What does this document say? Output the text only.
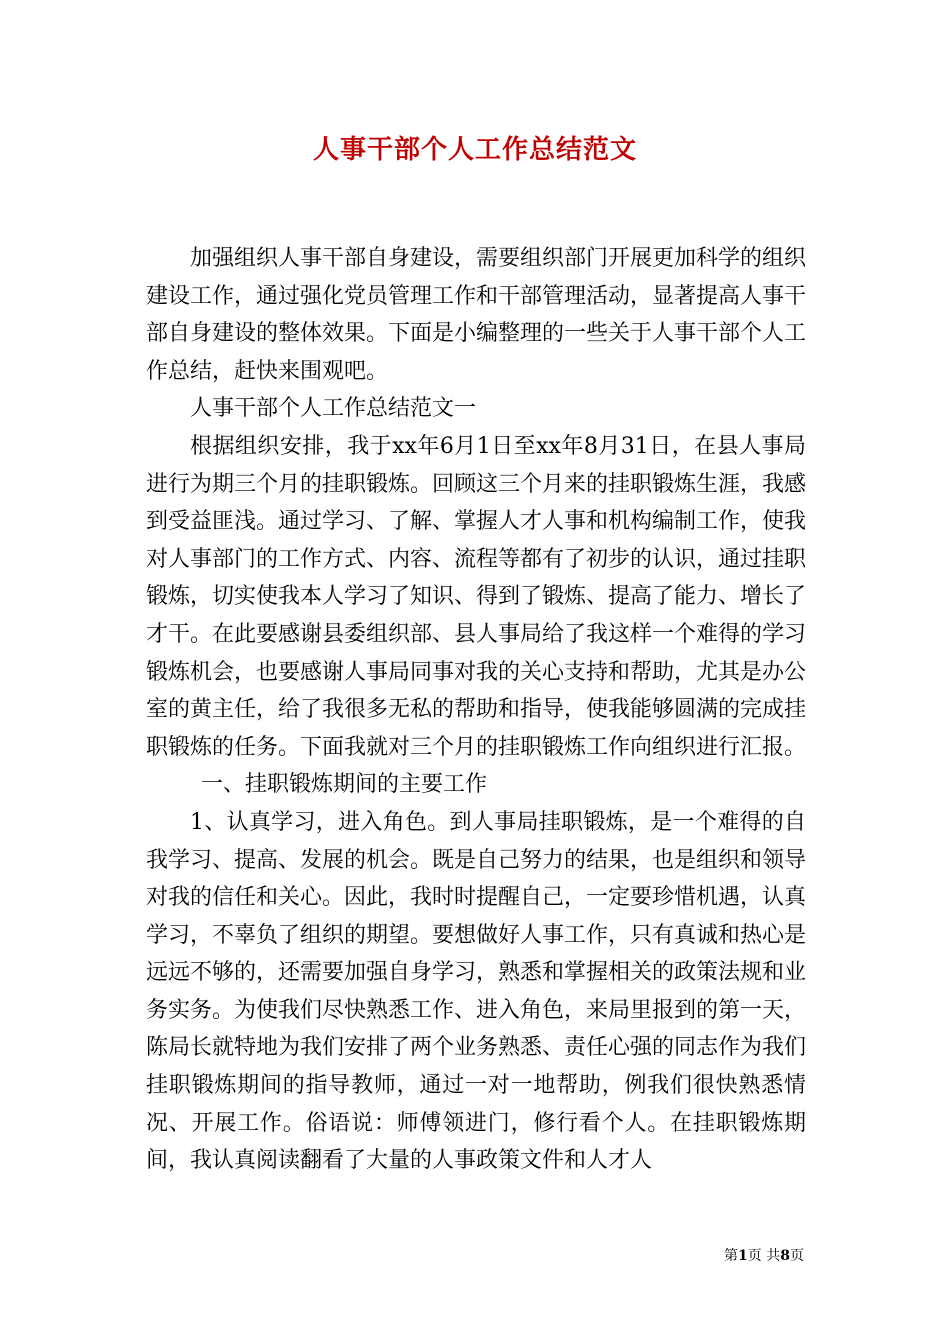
人事干部个人工作总结范文

加强组织人事干部自身建设，需要组织部门开展更加科学的组织建设工作，通过强化党员管理工作和干部管理活动，显著提高人事干部自身建设的整体效果。下面是小编整理的一些关于人事干部个人工作总结，赶快来围观吧。

人事干部个人工作总结范文一

根据组织安排，我于xx年6月1日至xx年8月31日，在县人事局进行为期三个月的挂职锻炼。回顾这三个月来的挂职锻炼生涯，我感到受益匪浅。通过学习、了解、掌握人才人事和机构编制工作，使我对人事部门的工作方式、内容、流程等都有了初步的认识，通过挂职锻炼，切实使我本人学习了知识、得到了锻炼、提高了能力、增长了才干。在此要感谢县委组织部、县人事局给了我这样一个难得的学习锻炼机会，也要感谢人事局同事对我的关心支持和帮助，尤其是办公室的黄主任，给了我很多无私的帮助和指导，使我能够圆满的完成挂职锻炼的任务。下面我就对三个月的挂职锻炼工作向组织进行汇报。

一、挂职锻炼期间的主要工作

1、认真学习，进入角色。到人事局挂职锻炼，是一个难得的自我学习、提高、发展的机会。既是自己努力的结果，也是组织和领导对我的信任和关心。因此，我时时提醒自己，一定要珍惜机遇，认真学习，不辜负了组织的期望。要想做好人事工作，只有真诚和热心是远远不够的，还需要加强自身学习，熟悉和掌握相关的政策法规和业务实务。为使我们尽快熟悉工作、进入角色，来局里报到的第一天，陈局长就特地为我们安排了两个业务熟悉、责任心强的同志作为我们挂职锻炼期间的指导教师，通过一对一地帮助，例我们很快熟悉情况、开展工作。俗语说：师傅领进门，修行看个人。在挂职锻炼期间，我认真阅读翻看了大量的人事政策文件和人才人

第1页 共8页
